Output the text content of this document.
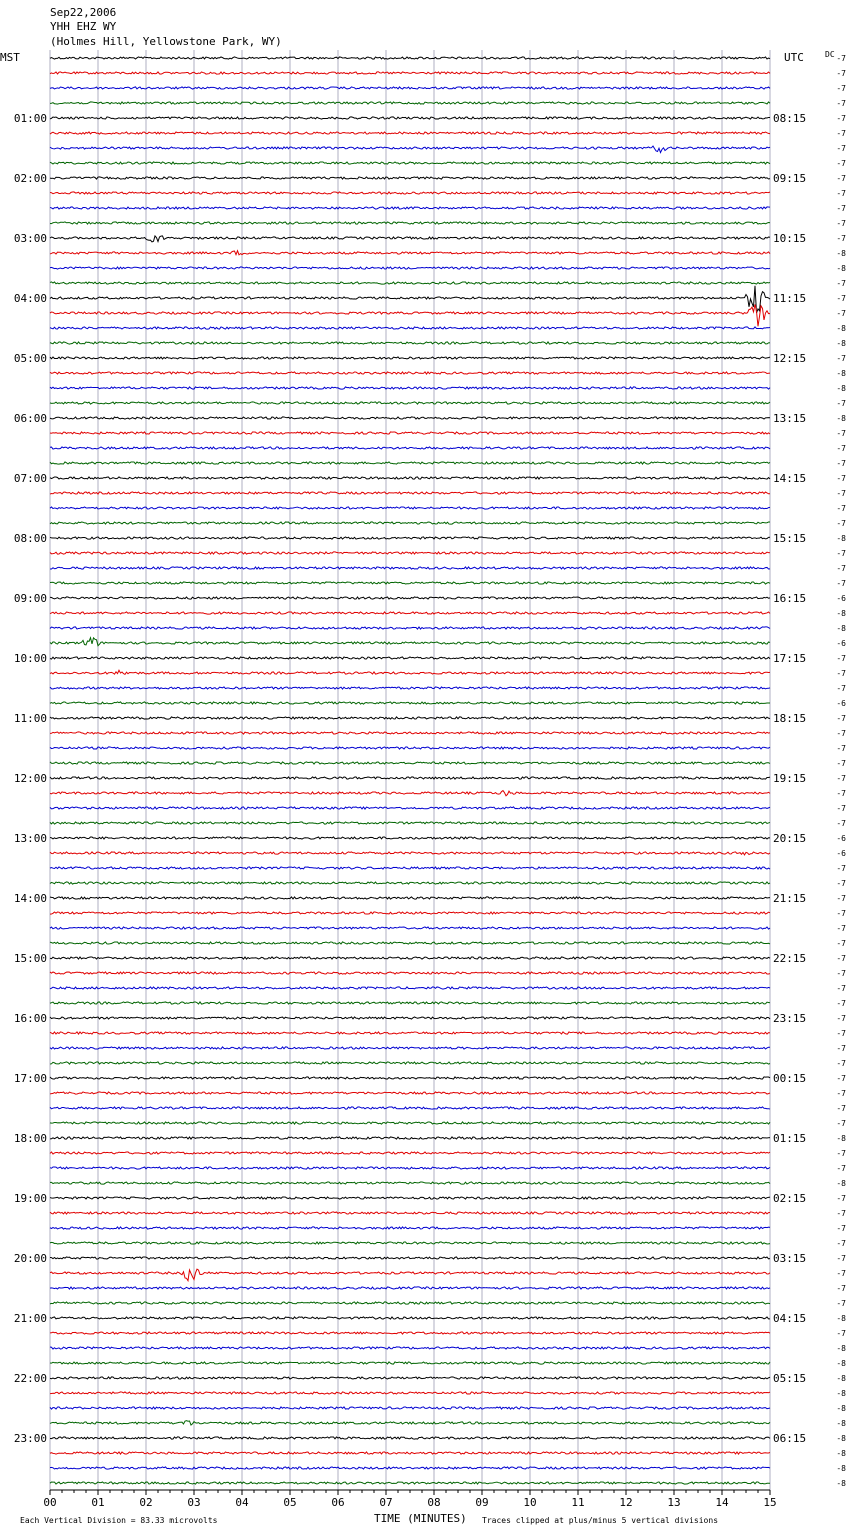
Sep22,2006
YHH EHZ WY
(Holmes Hill, Yellowstone Park, WY)
MST	UTC	DC
01:00
02:00
03:00
04:00
05:00
06:00
07:00
08:00
09:00
10:00
11:00
12:00
13:00
14:00
15:00
16:00
17:00
18:00
19:00
20:00
21:00
22:00
23:00
08:15
09:15
10:15
11:15
12:15
13:15
14:15
15:15
16:15
17:15
18:15
19:15
20:15
21:15
22:15
23:15
00:15
01:15
02:15
03:15
04:15
05:15
06:15
-7
-7
-7
-7
-7
-7
-7
-7
-7
-7
-7
-7
-7
-8
-8
-7
-7
-7
-8
-8
-7
-8
-8
-7
-8
-7
-7
-7
-7
-7
-7
-7
-8
-7
-7
-7
-6
-8
-8
-6
-7
-7
-7
-6
-7
-7
-7
-7
-7
-7
-7
-7
-6
-6
-7
-7
-7
-7
-7
-7
-7
-7
-7
-7
-7
-7
-7
-7
-7
-7
-7
-7
-8
-7
-7
-8
-7
-7
-7
-7
-7
-7
-7
-7
-8
-7
-8
-8
-8
-8
-8
-8
-8
-8
-8
-8
00	01	02	03	04	05	06	07	08	09	10	11	12	13	14	15
TIME (MINUTES)
Each Vertical Division = 83.33 microvolts	Traces clipped at plus/minus 5 vertical divisions
